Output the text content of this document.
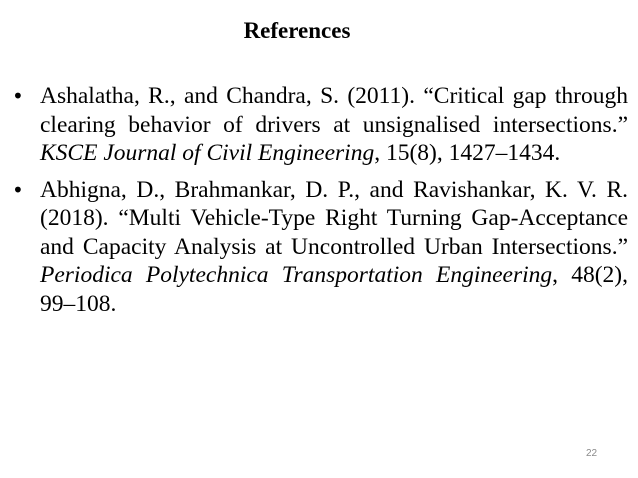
References
• Ashalatha, R., and Chandra, S. (2011). “Critical gap through clearing behavior of drivers at unsignalised intersections.” KSCE Journal of Civil Engineering, 15(8), 1427–1434.
• Abhigna, D., Brahmankar, D. P., and Ravishankar, K. V. R. (2018). “Multi Vehicle-Type Right Turning Gap-Acceptance and Capacity Analysis at Uncontrolled Urban Intersections.” Periodica Polytechnica Transportation Engineering, 48(2), 99–108.
22
